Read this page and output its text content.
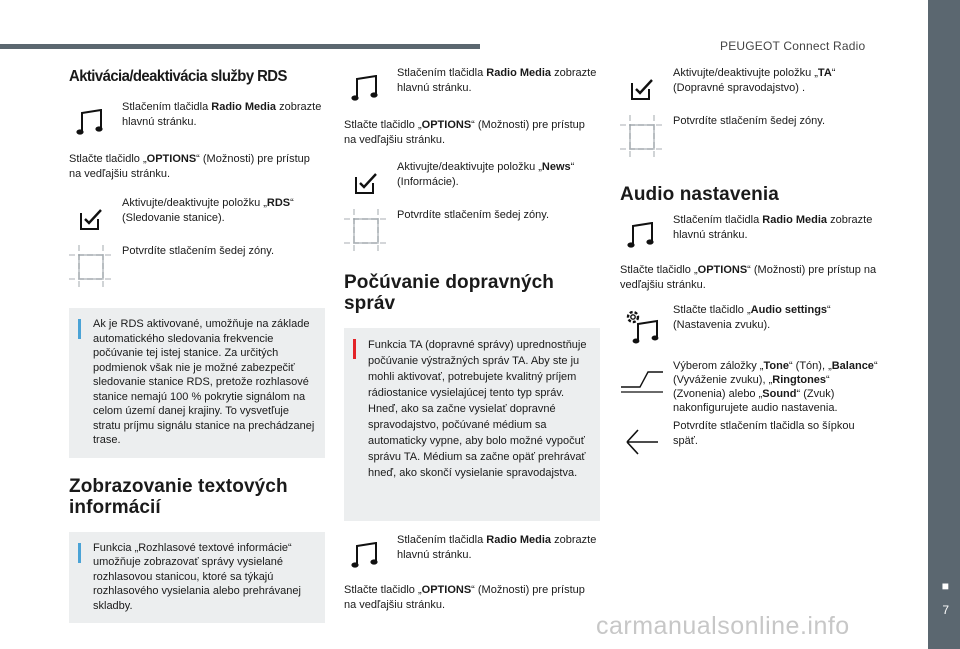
PEUGEOT Connect Radio
■
7
carmanualsonline.info
Aktivácia/deaktivácia služby RDS
Stlačením tlačidla Radio Media zobrazte hlavnú stránku.
Stlačte tlačidlo „OPTIONS“ (Možnosti) pre prístup na vedľajšiu stránku.
Aktivujte/deaktivujte položku „RDS“ (Sledovanie stanice).
Potvrdíte stlačením šedej zóny.
Ak je RDS aktivované, umožňuje na základe automatického sledovania frekvencie počúvanie tej istej stanice. Za určitých podmienok však nie je možné zabezpečiť sledovanie stanice RDS, pretože rozhlasové stanice nemajú 100 % pokrytie signálom na celom území danej krajiny. To vysvetľuje stratu príjmu signálu stanice na prechádzanej trase.
Zobrazovanie textových informácií
Funkcia „Rozhlasové textové informácie“ umožňuje zobrazovať správy vysielané rozhlasovou stanicou, ktoré sa týkajú rozhlasového vysielania alebo prehrávanej skladby.
Stlačením tlačidla Radio Media zobrazte hlavnú stránku.
Stlačte tlačidlo „OPTIONS“ (Možnosti) pre prístup na vedľajšiu stránku.
Aktivujte/deaktivujte položku „News“ (Informácie).
Potvrdíte stlačením šedej zóny.
Počúvanie dopravných správ
Funkcia TA (dopravné správy) uprednostňuje počúvanie výstražných správ TA. Aby ste ju mohli aktivovať, potrebujete kvalitný príjem rádiostanice vysielajúcej tento typ správ. Hneď, ako sa začne vysielať dopravné spravodajstvo, počúvané médium sa automaticky vypne, aby bolo možné vypočuť správu TA. Médium sa začne opäť prehrávať hneď, ako skončí vysielanie spravodajstva.
Stlačením tlačidla Radio Media zobrazte hlavnú stránku.
Stlačte tlačidlo „OPTIONS“ (Možnosti) pre prístup na vedľajšiu stránku.
Aktivujte/deaktivujte položku „TA“ (Dopravné spravodajstvo) .
Potvrdíte stlačením šedej zóny.
Audio nastavenia
Stlačením tlačidla Radio Media zobrazte hlavnú stránku.
Stlačte tlačidlo „OPTIONS“ (Možnosti) pre prístup na vedľajšiu stránku.
Stlačte tlačidlo „Audio settings“ (Nastavenia zvuku).
Výberom záložky „Tone“ (Tón), „Balance“ (Vyváženie zvuku), „Ringtones“ (Zvonenia) alebo „Sound“ (Zvuk) nakonfigurujete audio nastavenia.
Potvrdíte stlačením tlačidla so šípkou späť.
